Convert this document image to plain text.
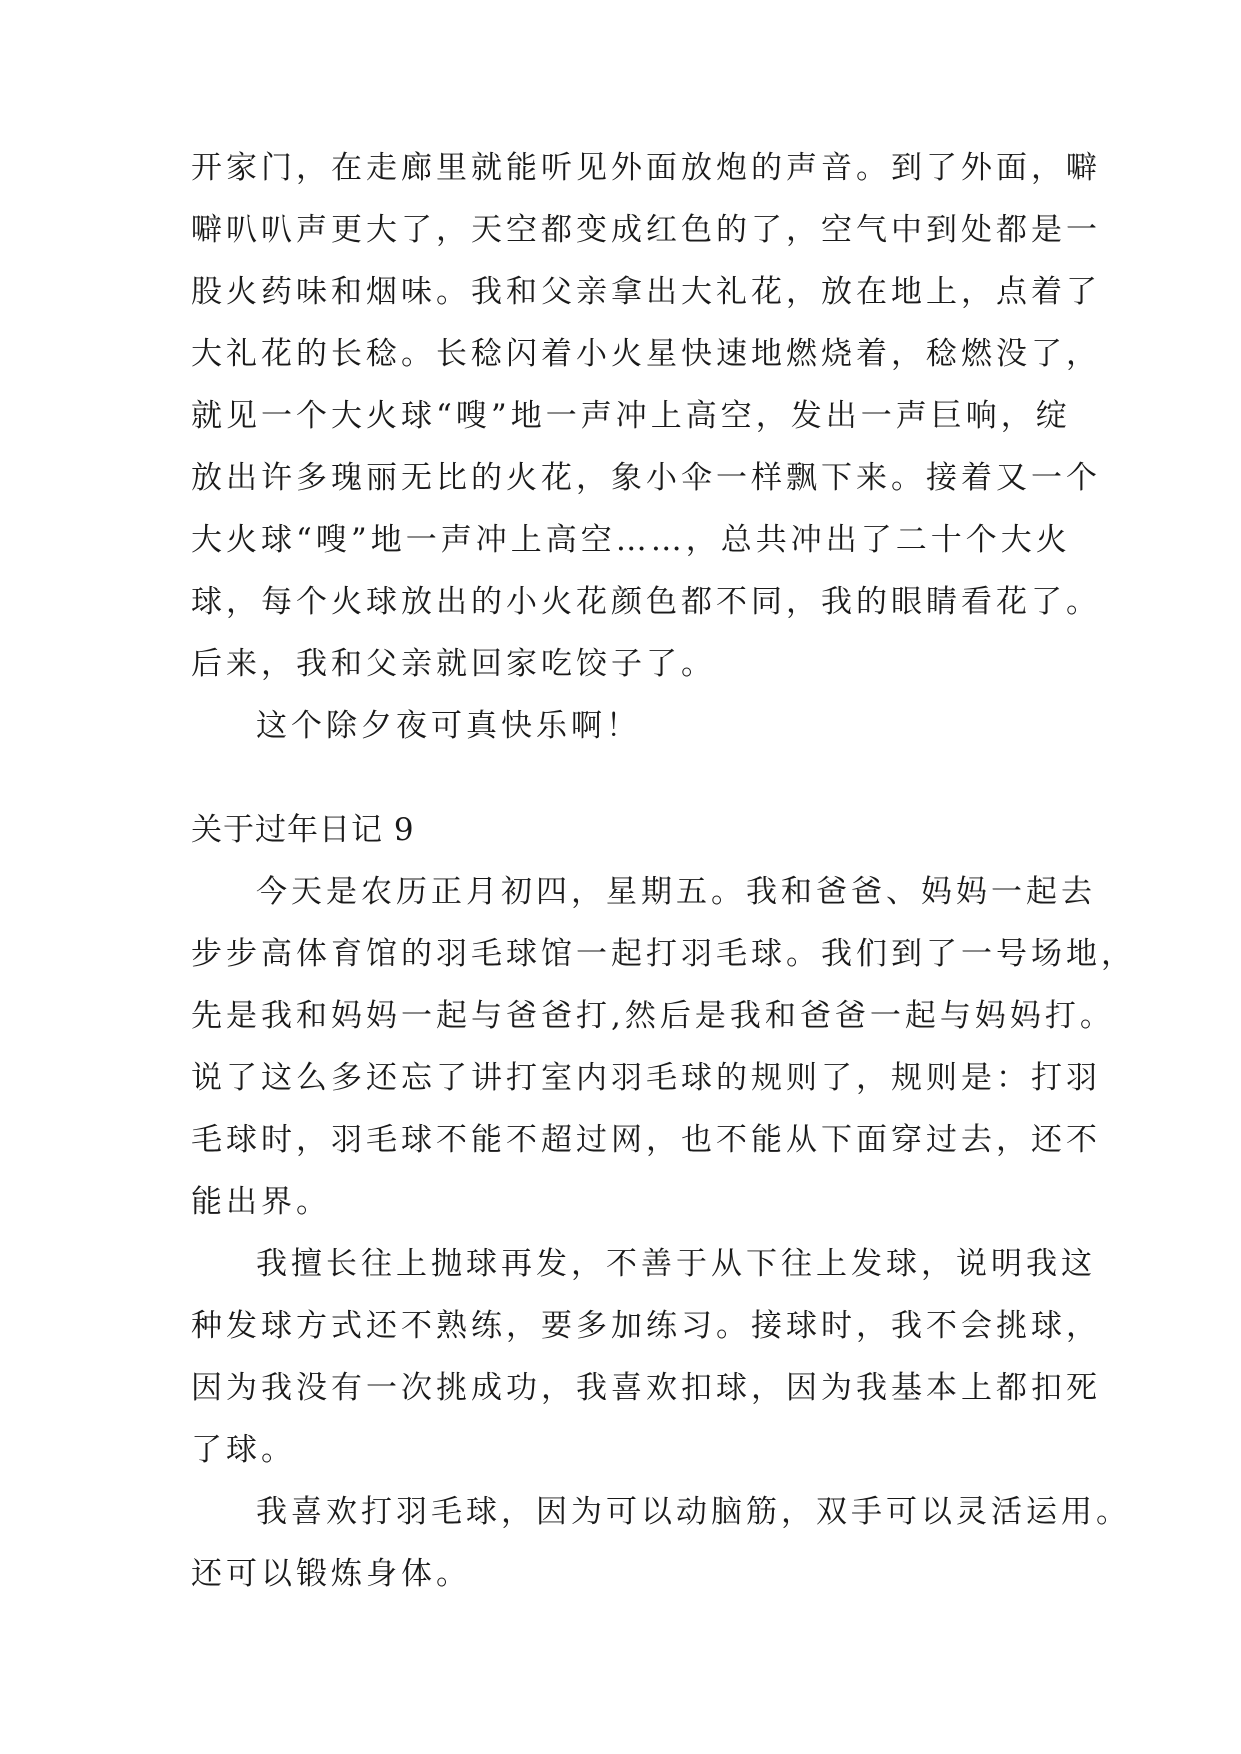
开家门，在走廊里就能听见外面放炮的声音。到了外面，噼
噼叭叭声更大了，天空都变成红色的了，空气中到处都是一
股火药味和烟味。我和父亲拿出大礼花，放在地上，点着了
大礼花的长稔。长稔闪着小火星快速地燃烧着，稔燃没了，
就见一个大火球“嗖”地一声冲上高空，发出一声巨响，绽
放出许多瑰丽无比的火花，象小伞一样飘下来。接着又一个
大火球“嗖”地一声冲上高空……，总共冲出了二十个大火
球，每个火球放出的小火花颜色都不同，我的眼睛看花了。
后来，我和父亲就回家吃饺子了。
这个除夕夜可真快乐啊！
关于过年日记 9
今天是农历正月初四，星期五。我和爸爸、妈妈一起去
步步高体育馆的羽毛球馆一起打羽毛球。我们到了一号场地，
先是我和妈妈一起与爸爸打,然后是我和爸爸一起与妈妈打。
说了这么多还忘了讲打室内羽毛球的规则了，规则是：打羽
毛球时，羽毛球不能不超过网，也不能从下面穿过去，还不
能出界。
我擅长往上抛球再发，不善于从下往上发球，说明我这
种发球方式还不熟练，要多加练习。接球时，我不会挑球，
因为我没有一次挑成功，我喜欢扣球，因为我基本上都扣死
了球。
我喜欢打羽毛球，因为可以动脑筋，双手可以灵活运用。
还可以锻炼身体。
